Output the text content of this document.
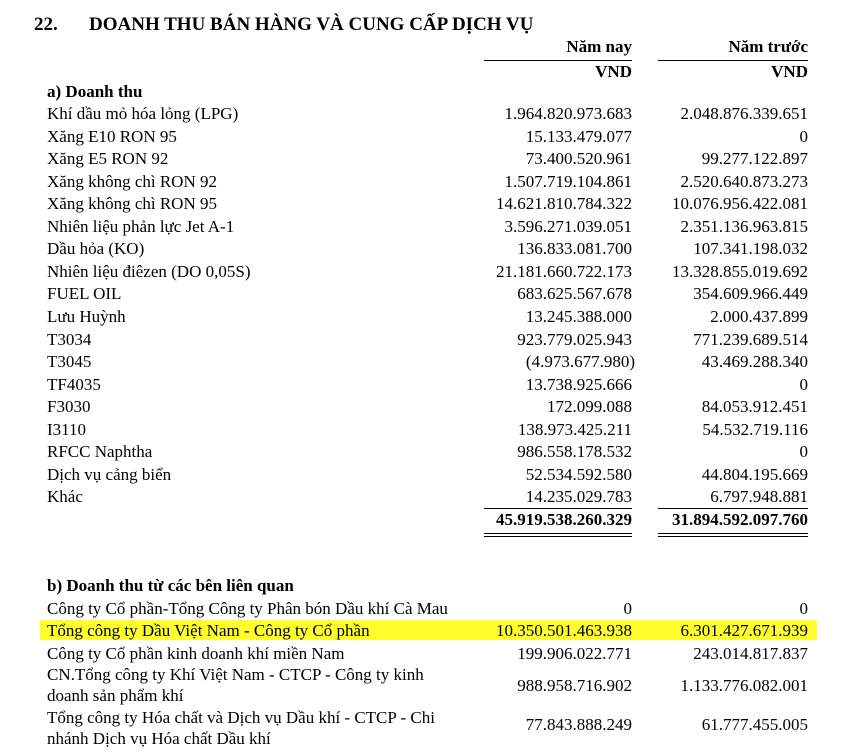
22. DOANH THU BÁN HÀNG VÀ CUNG CẤP DỊCH VỤ
Năm nay	Năm trước
VND	VND
a) Doanh thu
Khí dầu mỏ hóa lỏng (LPG)	1.964.820.973.683	2.048.876.339.651
Xăng E10 RON 95	15.133.479.077	0
Xăng E5 RON 92	73.400.520.961	99.277.122.897
Xăng không chì RON 92	1.507.719.104.861	2.520.640.873.273
Xăng không chì RON 95	14.621.810.784.322	10.076.956.422.081
Nhiên liệu phản lực Jet A-1	3.596.271.039.051	2.351.136.963.815
Dầu hỏa (KO)	136.833.081.700	107.341.198.032
Nhiên liệu điêzen (DO 0,05S)	21.181.660.722.173	13.328.855.019.692
FUEL OIL	683.625.567.678	354.609.966.449
Lưu Huỳnh	13.245.388.000	2.000.437.899
T3034	923.779.025.943	771.239.689.514
T3045	(4.973.677.980)	43.469.288.340
TF4035	13.738.925.666	0
F3030	172.099.088	84.053.912.451
I3110	138.973.425.211	54.532.719.116
RFCC Naphtha	986.558.178.532	0
Dịch vụ cảng biển	52.534.592.580	44.804.195.669
Khác	14.235.029.783	6.797.948.881
45.919.538.260.329	31.894.592.097.760
b) Doanh thu từ các bên liên quan
Công ty Cổ phần-Tổng Công ty Phân bón Dầu khí Cà Mau	0	0
Tổng công ty Dầu Việt Nam - Công ty Cổ phần	10.350.501.463.938	6.301.427.671.939
Công ty Cổ phần kinh doanh khí miền Nam	199.906.022.771	243.014.817.837
CN.Tổng công ty Khí Việt Nam - CTCP - Công ty kinh doanh sản phẩm khí
988.958.716.902	1.133.776.082.001
Tổng công ty Hóa chất và Dịch vụ Dầu khí - CTCP - Chi nhánh Dịch vụ Hóa chất Dầu khí
77.843.888.249	61.777.455.005
